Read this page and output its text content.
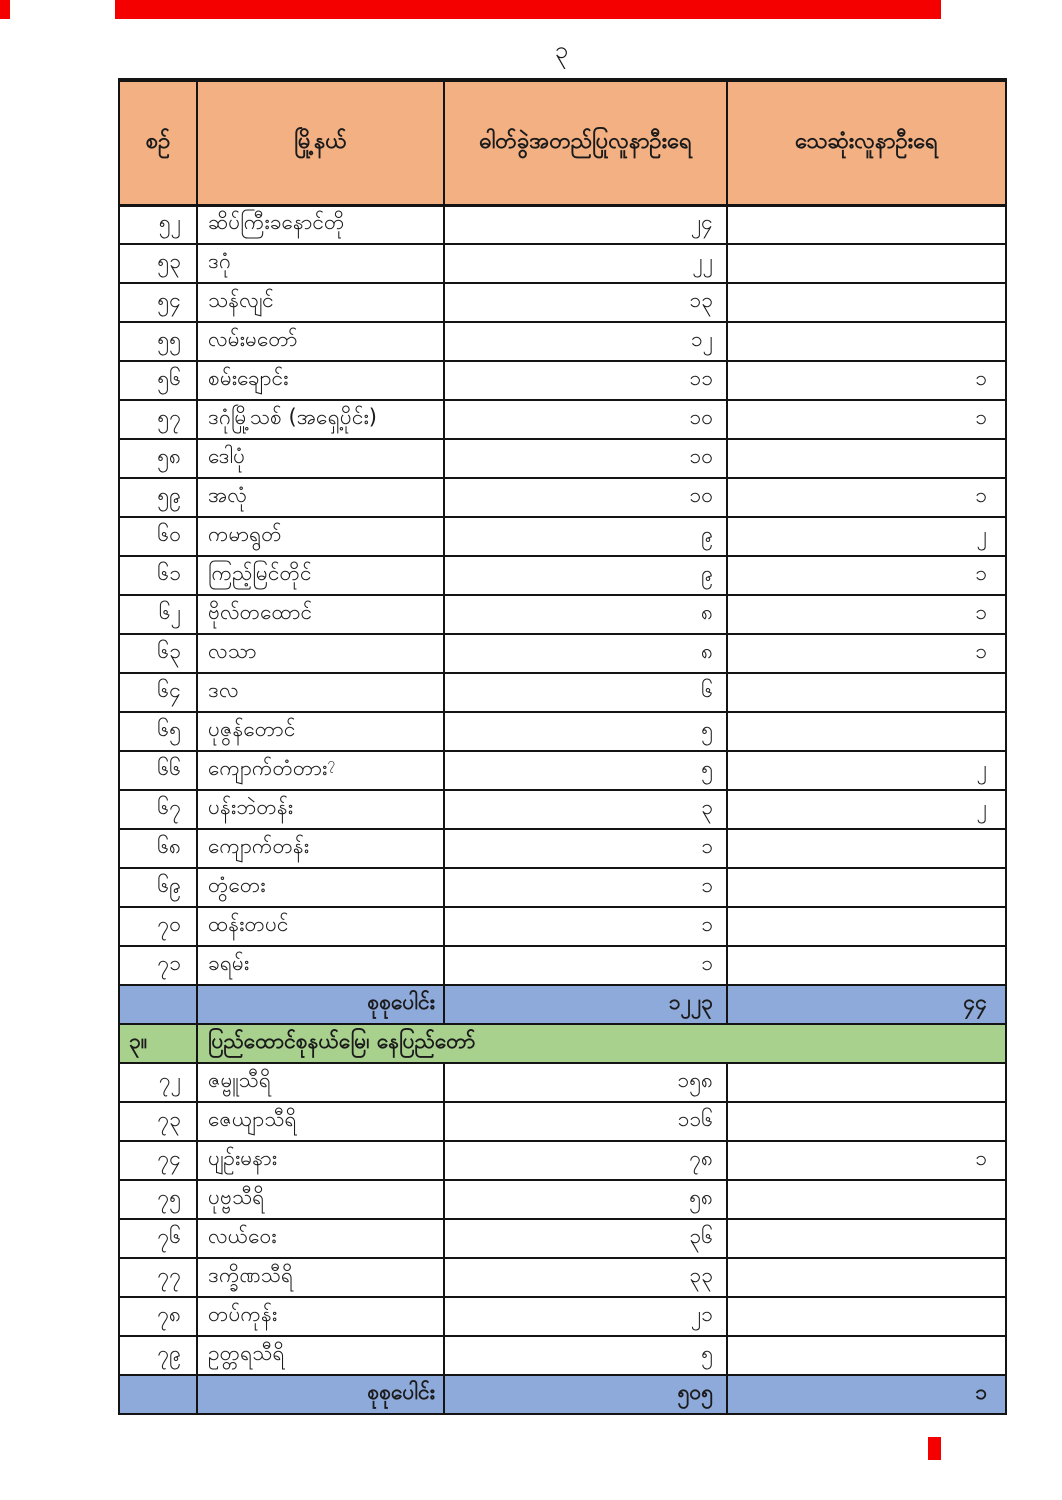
၃
စဉ်	မြို့နယ်	ဓါတ်ခွဲအတည်ပြုလူနာဦးရေ	သေဆုံးလူနာဦးရေ
၅၂	ဆိပ်ကြီးခနောင်တို	၂၄	
၅၃	ဒဂုံ	၂၂	
၅၄	သန်လျင်	၁၃	
၅၅	လမ်းမတော်	၁၂	
၅၆	စမ်းချောင်း	၁၁	၁
၅၇	ဒဂုံမြို့သစ် (အရှေ့ပိုင်း)	၁၀	၁
၅၈	ဒေါပုံ	၁၀	
၅၉	အလုံ	၁၀	၁
၆၀	ကမာရွတ်	၉	၂
၆၁	ကြည့်မြင်တိုင်	၉	၁
၆၂	ဗိုလ်တထောင်	၈	၁
၆၃	လသာ	၈	၁
၆၄	ဒလ	၆	
၆၅	ပုဇွန်တောင်	၅	
၆၆	ကျောက်တံတား$^၇$	၅	၂
၆၇	ပန်းဘဲတန်း	၃	၂
၆၈	ကျောက်တန်း	၁	
၆၉	တွံတေး	၁	
၇၀	ထန်းတပင်	၁	
၇၁	ခရမ်း	၁	
	စုစုပေါင်း	၁၂၂၃	၄၄
၃။	ပြည်ထောင်စုနယ်မြေ၊ နေပြည်တော်		
၇၂	ဇမ္ဗူသီရိ	၁၅၈	
၇၃	ဇေယျာသီရိ	၁၁၆	
၇၄	ပျဉ်းမနား	၇၈	၁
၇၅	ပုဗ္ဗသီရိ	၅၈	
၇၆	လယ်ဝေး	၃၆	
၇၇	ဒက္ခိဏသီရိ	၃၃	
၇၈	တပ်ကုန်း	၂၁	
၇၉	ဥတ္တရသီရိ	၅	
	စုစုပေါင်း	၅၀၅	၁
